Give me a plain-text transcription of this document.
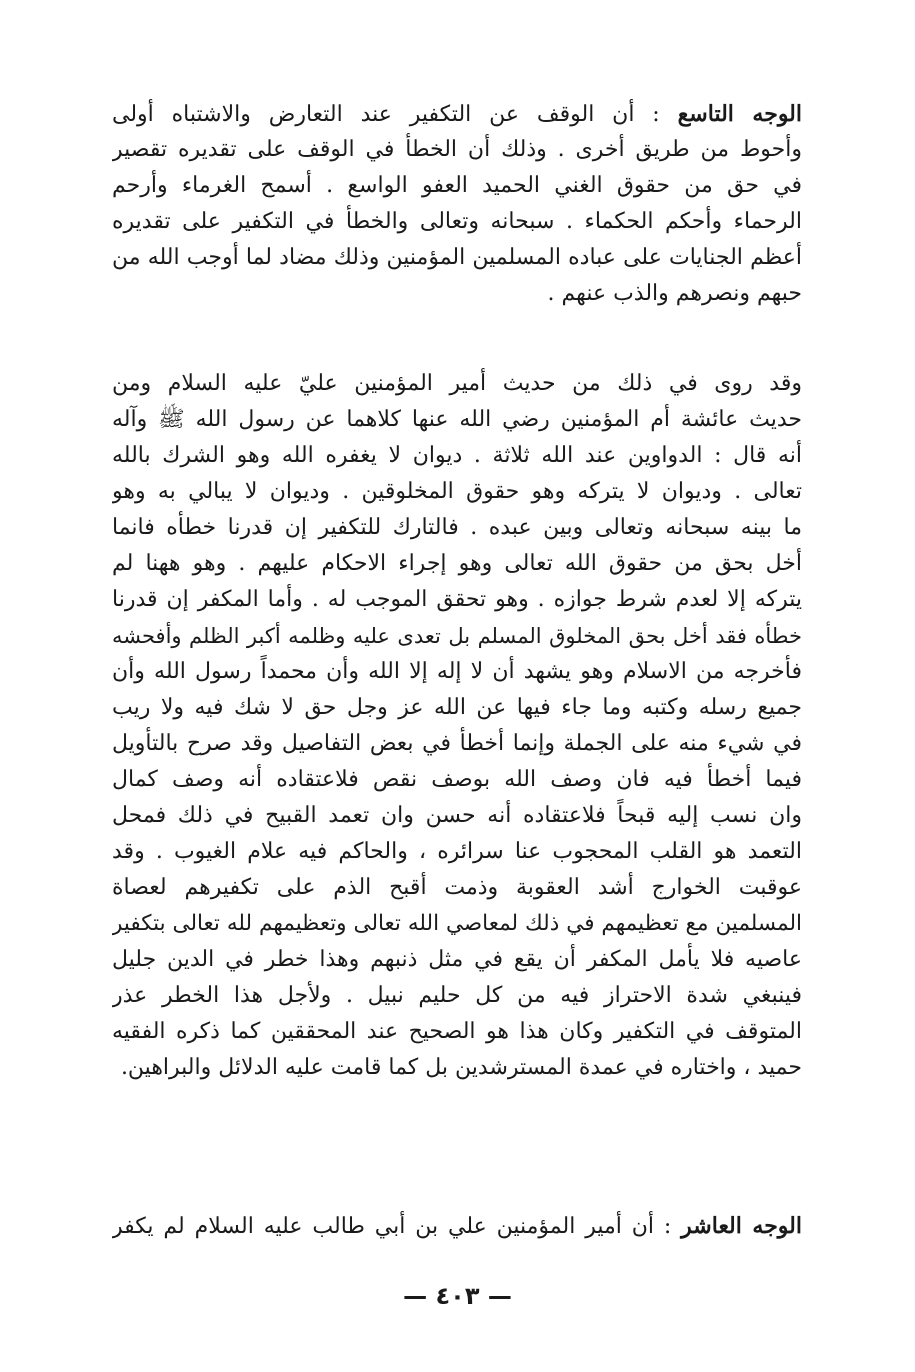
الوجه التاسع : أن الوقف عن التكفير عند التعارض والاشتباه أولى
وأحوط من طريق أخرى . وذلك أن الخطأ في الوقف على تقديره تقصير
في حق من حقوق الغني الحميد العفو الواسع . أسمح الغرماء وأرحم
الرحماء وأحكم الحكماء . سبحانه وتعالى والخطأ في التكفير على تقديره
أعظم الجنايات على عباده المسلمين المؤمنين وذلك مضاد لما أوجب الله من
حبهم ونصرهم والذب عنهم .
وقد روى في ذلك من حديث أمير المؤمنين عليّ عليه السلام ومن
حديث عائشة أم المؤمنين رضي الله عنها كلاهما عن رسول الله ﷺ وآله
أنه قال : الدواوين عند الله ثلاثة . ديوان لا يغفره الله وهو الشرك بالله
تعالى . وديوان لا يتركه وهو حقوق المخلوقين . وديوان لا يبالي به وهو
ما بينه سبحانه وتعالى وبين عبده . فالتارك للتكفير إن قدرنا خطأه فانما
أخل بحق من حقوق الله تعالى وهو إجراء الاحكام عليهم . وهو ههنا لم
يتركه إلا لعدم شرط جوازه . وهو تحقق الموجب له . وأما المكفر إن قدرنا
خطأه فقد أخل بحق المخلوق المسلم بل تعدى عليه وظلمه أكبر الظلم وأفحشه
فأخرجه من الاسلام وهو يشهد أن لا إله إلا الله وأن محمداً رسول الله وأن
جميع رسله وكتبه وما جاء فيها عن الله عز وجل حق لا شك فيه ولا ريب
في شيء منه على الجملة وإنما أخطأ في بعض التفاصيل وقد صرح بالتأويل
فيما أخطأ فيه فان وصف الله بوصف نقص فلاعتقاده أنه وصف كمال
وان نسب إليه قبحاً فلاعتقاده أنه حسن وان تعمد القبيح في ذلك فمحل
التعمد هو القلب المحجوب عنا سرائره ، والحاكم فيه علام الغيوب . وقد
عوقبت الخوارج أشد العقوبة وذمت أقبح الذم على تكفيرهم لعصاة
المسلمين مع تعظيمهم في ذلك لمعاصي الله تعالى وتعظيمهم لله تعالى بتكفير
عاصيه فلا يأمل المكفر أن يقع في مثل ذنبهم وهذا خطر في الدين جليل
فينبغي شدة الاحتراز فيه من كل حليم نبيل . ولأجل هذا الخطر عذر
المتوقف في التكفير وكان هذا هو الصحيح عند المحققين كما ذكره الفقيه
حميد ، واختاره في عمدة المسترشدين بل كما قامت عليه الدلائل والبراهين.
الوجه العاشر : أن أمير المؤمنين علي بن أبي طالب عليه السلام لم يكفر
— ٤٠٣ —
